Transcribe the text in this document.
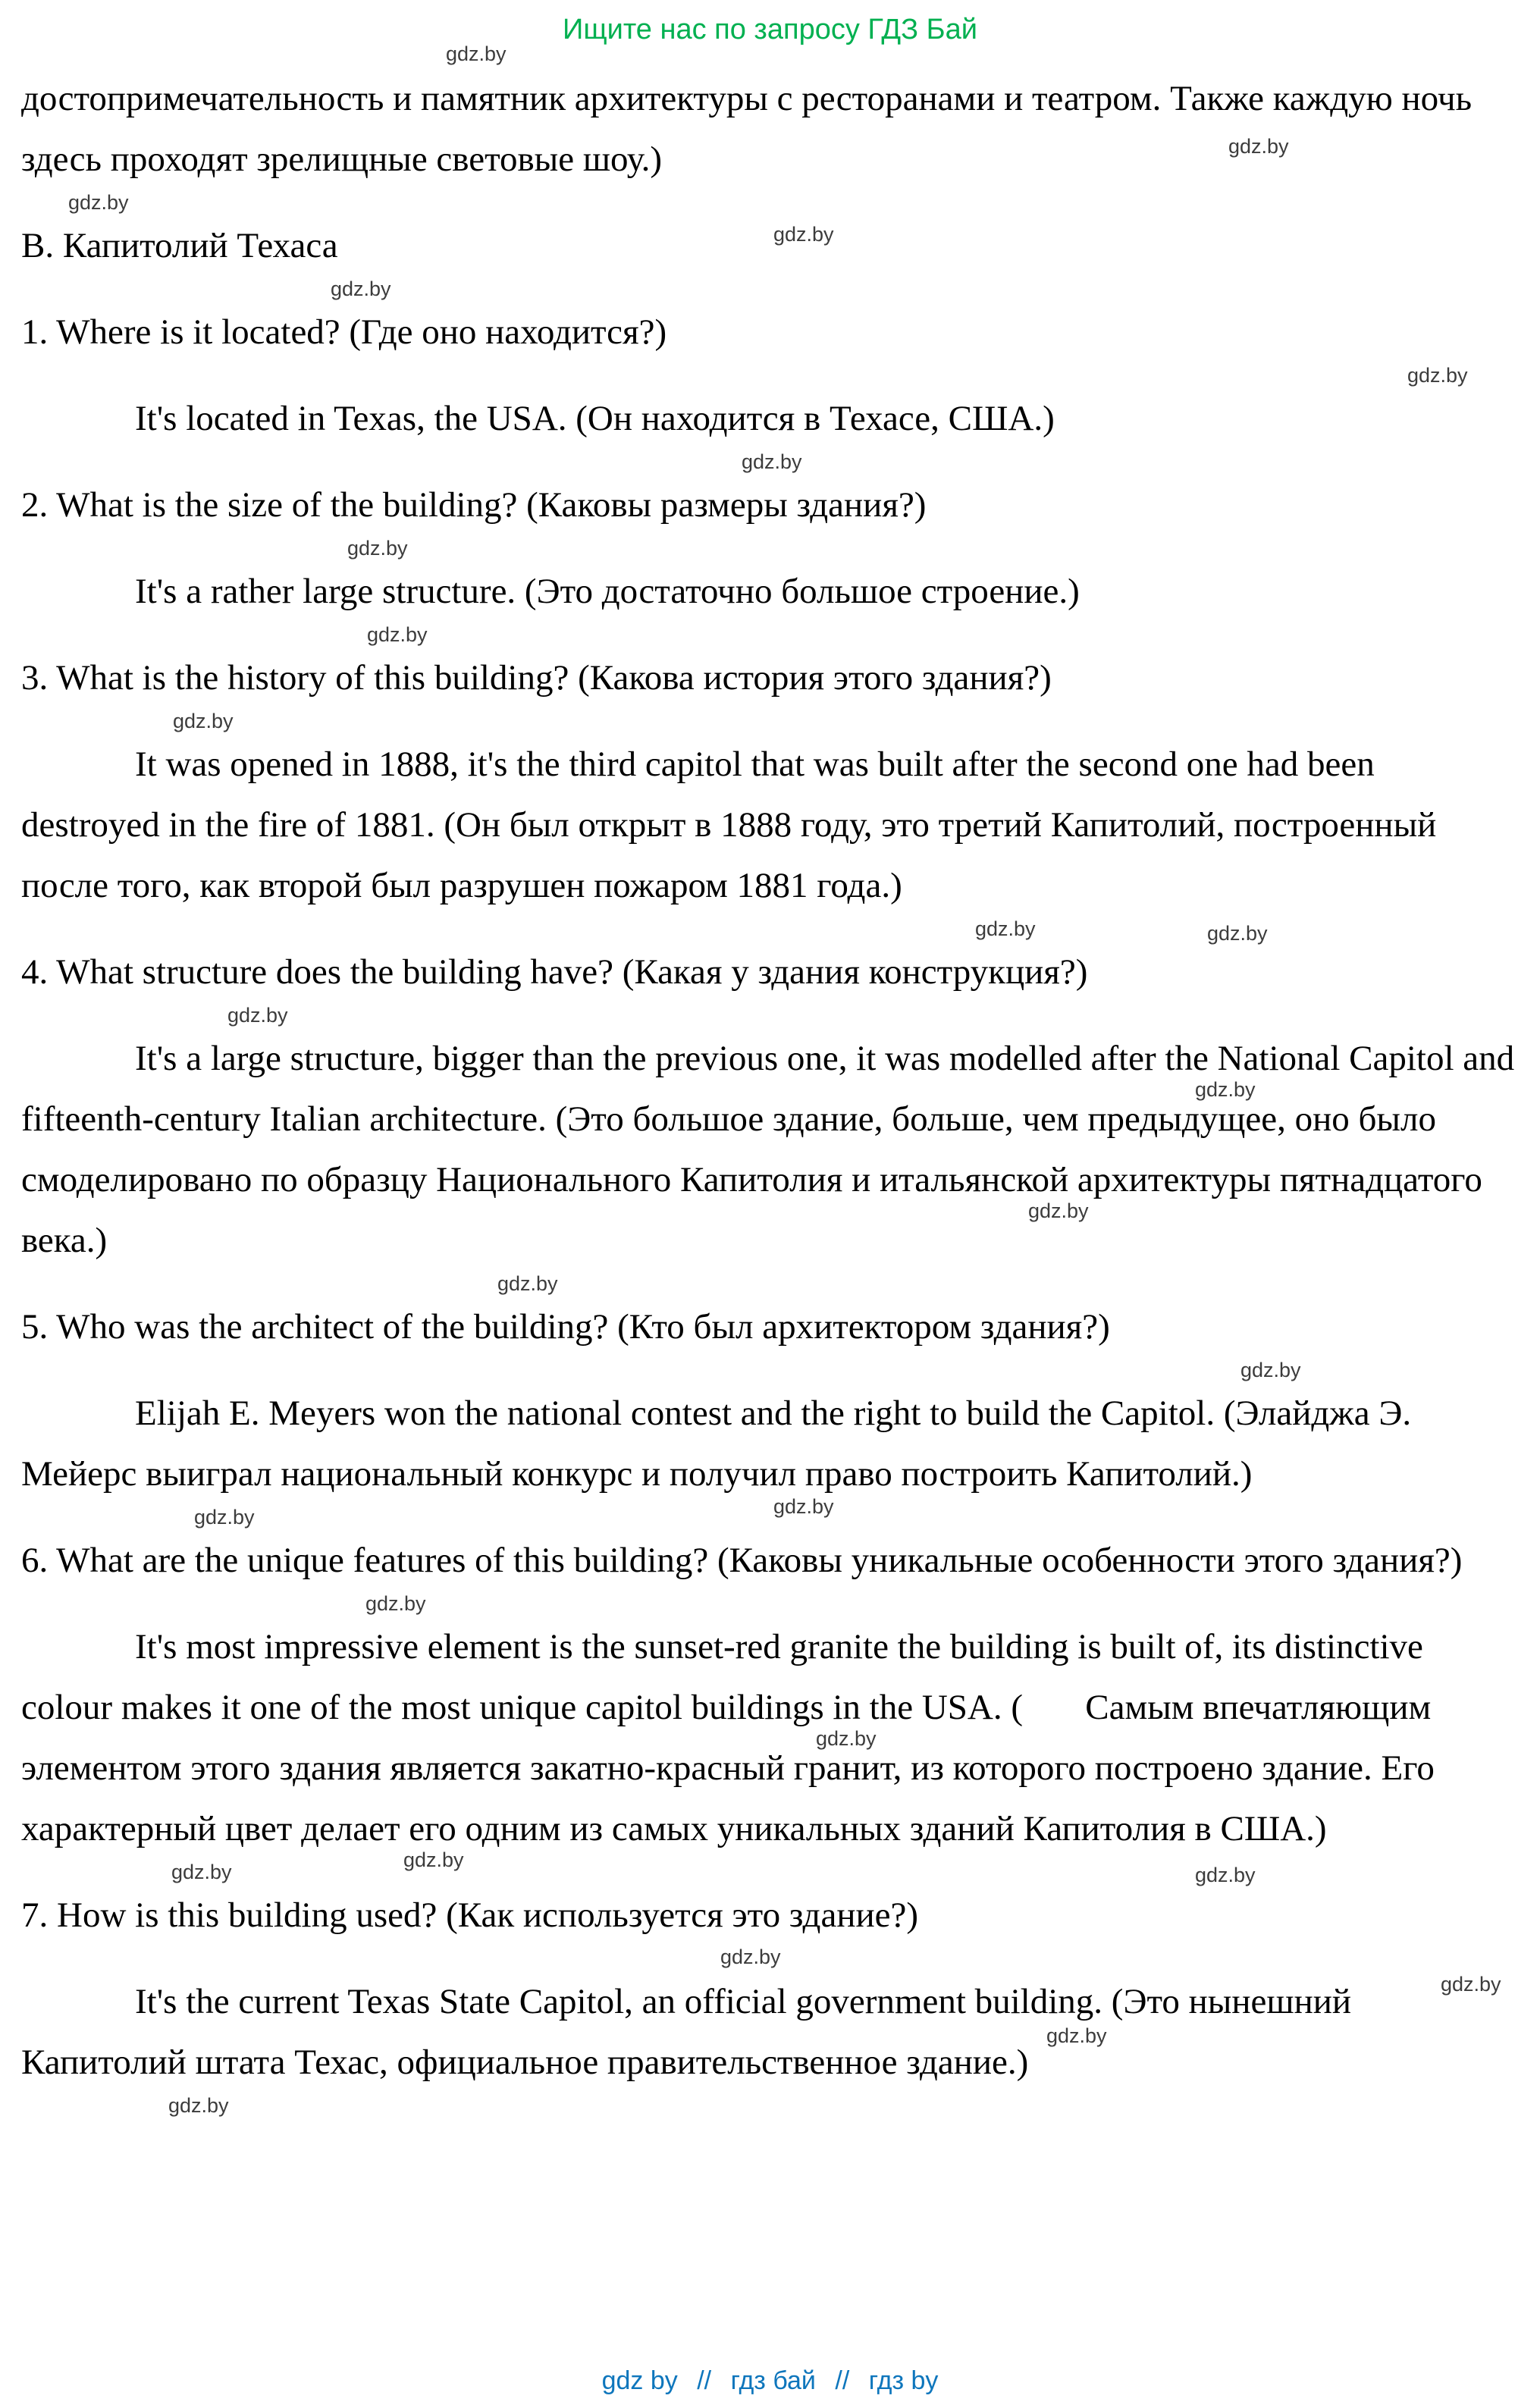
Ищите нас по запросу ГДЗ Бай

достопримечательность и памятник архитектуры с ресторанами и театром. Также каждую ночь здесь проходят зрелищные световые шоу.)
gdz.by
gdz.by

B. Капитолий Техаса
gdz.by
gdz.by

1. Where is it located? (Где оно находится?)
gdz.by

It's located in Texas, the USA. (Он находится в Техасе, США.)
gdz.by

2. What is the size of the building? (Каковы размеры здания?)
gdz.by

It's a rather large structure. (Это достаточно большое строение.)
gdz.by

3. What is the history of this building? (Какова история этого здания?)
gdz.by

It was opened in 1888, it's the third capitol that was built after the second one had been destroyed in the fire of 1881. (Он был открыт в 1888 году, это третий Капитолий, построенный после того, как второй был разрушен пожаром 1881 года.)
gdz.by
gdz.by

4. What structure does the building have? (Какая у здания конструкция?)
gdz.by

It's a large structure, bigger than the previous one, it was modelled after the National Capitol and fifteenth-century Italian architecture. (Это большое здание, больше, чем предыдущее, оно было смоделировано по образцу Национального Капитолия и итальянской архитектуры пятнадцатого века.)
gdz.by
gdz.by
gdz.by

5. Who was the architect of the building? (Кто был архитектором здания?)
gdz.by

Elijah E. Meyers won the national contest and the right to build the Capitol. (Элайджа Э. Мейерс выиграл национальный конкурс и получил право построить Капитолий.)
gdz.by
gdz.by

6. What are the unique features of this building? (Каковы уникальные особенности этого здания?)
gdz.by

It's most impressive element is the sunset-red granite the building is built of, its distinctive colour makes it one of the most unique capitol buildings in the USA. (       Самым впечатляющим элементом этого здания является закатно-красный гранит, из которого построено здание. Его характерный цвет делает его одним из самых уникальных зданий Капитолия в США.)
gdz.by
gdz.by
gdz.by

7. How is this building used? (Как используется это здание?)
gdz.by	gdz.by

It's the current Texas State Capitol, an official government building. (Это нынешний Капитолий штата Техас, официальное правительственное здание.)
gdz.by
gdz.by
gdz.by
gdz.by

gdz by // гдз бай // гдз by
